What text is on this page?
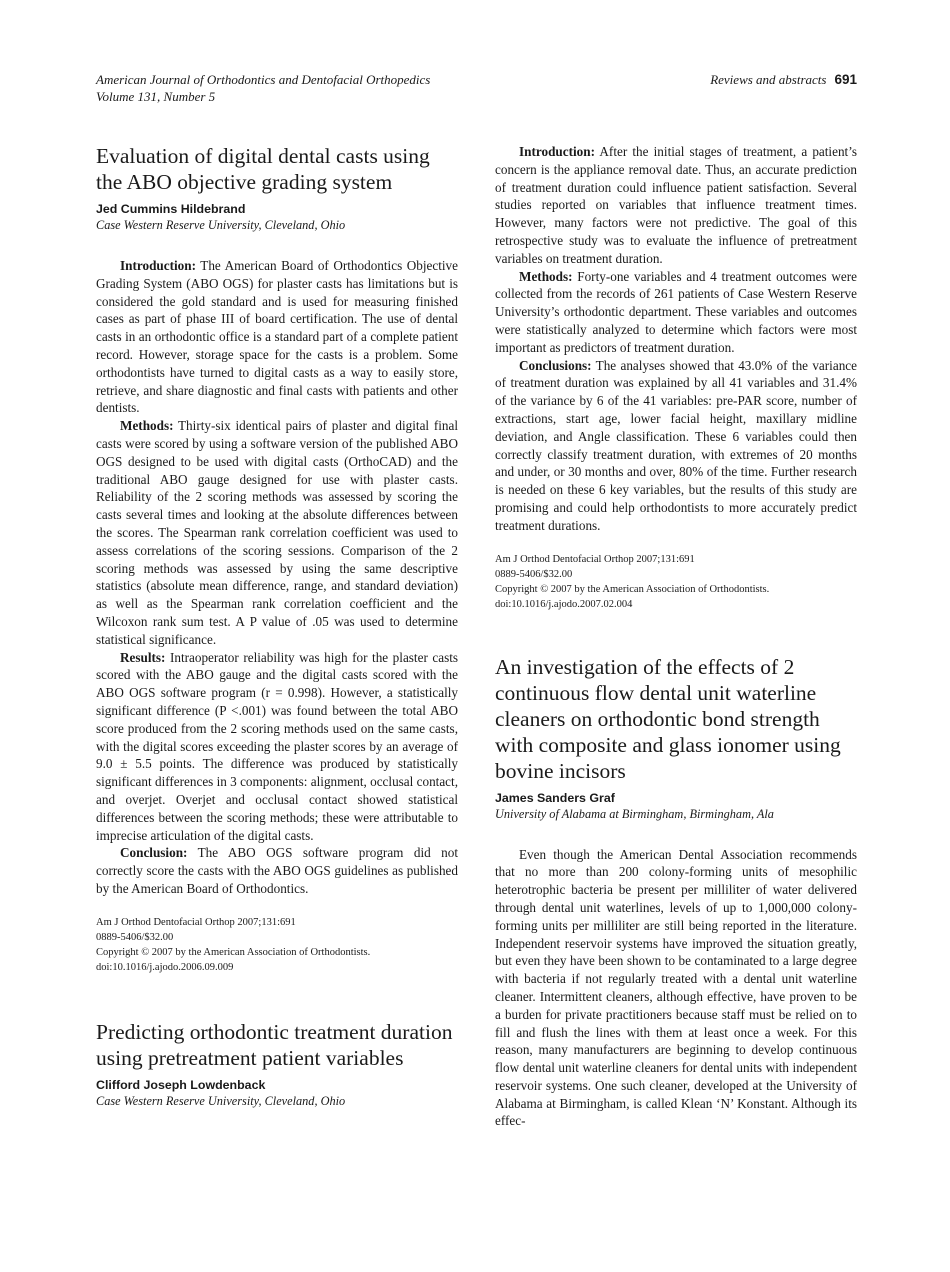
American Journal of Orthodontics and Dentofacial Orthopedics
Volume 131, Number 5
Reviews and abstracts 691
Evaluation of digital dental casts using the ABO objective grading system

Jed Cummins Hildebrand

Case Western Reserve University, Cleveland, Ohio

Introduction: The American Board of Orthodontics Objective Grading System (ABO OGS) for plaster casts has limitations but is considered the gold standard and is used for measuring finished cases as part of phase III of board certification. The use of dental casts in an orthodontic office is a standard part of a complete patient record. However, storage space for the casts is a problem. Some orthodontists have turned to digital casts as a way to easily store, retrieve, and share diagnostic and final casts with patients and other dentists.

Methods: Thirty-six identical pairs of plaster and digital final casts were scored by using a software version of the published ABO OGS designed to be used with digital casts (OrthoCAD) and the traditional ABO gauge designed for use with plaster casts. Reliability of the 2 scoring methods was assessed by scoring the casts several times and looking at the absolute differences between the scores. The Spearman rank correlation coefficient was used to assess correlations of the scoring sessions. Comparison of the 2 scoring methods was assessed by using the same descriptive statistics (absolute mean difference, range, and standard deviation) as well as the Spearman rank correlation coefficient and the Wilcoxon rank sum test. A P value of .05 was used to determine statistical significance.

Results: Intraoperator reliability was high for the plaster casts scored with the ABO gauge and the digital casts scored with the ABO OGS software program (r = 0.998). However, a statistically significant difference (P <.001) was found between the total ABO score produced from the 2 scoring methods used on the same casts, with the digital scores exceeding the plaster scores by an average of 9.0 ± 5.5 points. The difference was produced by statistically significant differences in 3 components: alignment, occlusal contact, and overjet. Overjet and occlusal contact showed statistical differences between the scoring methods; these were attributable to imprecise articulation of the digital casts.

Conclusion: The ABO OGS software program did not correctly score the casts with the ABO OGS guidelines as published by the American Board of Orthodontics.

Am J Orthod Dentofacial Orthop 2007;131:691

0889-5406/$32.00

Copyright © 2007 by the American Association of Orthodontists.

doi:10.1016/j.ajodo.2006.09.009

Predicting orthodontic treatment duration using pretreatment patient variables

Clifford Joseph Lowdenback

Case Western Reserve University, Cleveland, Ohio

Introduction: After the initial stages of treatment, a patient’s concern is the appliance removal date. Thus, an accurate prediction of treatment duration could influence patient satisfaction. Several studies reported on variables that influence treatment times. However, many factors were not predictive. The goal of this retrospective study was to evaluate the influence of pretreatment variables on treatment duration.

Methods: Forty-one variables and 4 treatment outcomes were collected from the records of 261 patients of Case Western Reserve University’s orthodontic department. These variables and outcomes were statistically analyzed to determine which factors were most important as predictors of treatment duration.

Conclusions: The analyses showed that 43.0% of the variance of treatment duration was explained by all 41 variables and 31.4% of the variance by 6 of the 41 variables: pre-PAR score, number of extractions, start age, lower facial height, maxillary midline deviation, and Angle classification. These 6 variables could then correctly classify treatment duration, with extremes of 20 months and under, or 30 months and over, 80% of the time. Further research is needed on these 6 key variables, but the results of this study are promising and could help orthodontists to more accurately predict treatment durations.

Am J Orthod Dentofacial Orthop 2007;131:691

0889-5406/$32.00

Copyright © 2007 by the American Association of Orthodontists.

doi:10.1016/j.ajodo.2007.02.004

An investigation of the effects of 2 continuous flow dental unit waterline cleaners on orthodontic bond strength with composite and glass ionomer using bovine incisors

James Sanders Graf

University of Alabama at Birmingham, Birmingham, Ala

Even though the American Dental Association recommends that no more than 200 colony-forming units of mesophilic heterotrophic bacteria be present per milliliter of water delivered through dental unit waterlines, levels of up to 1,000,000 colony-forming units per milliliter are still being reported in the literature. Independent reservoir systems have improved the situation greatly, but even they have been shown to be contaminated to a large degree with bacteria if not regularly treated with a dental unit waterline cleaner. Intermittent cleaners, although effective, have proven to be a burden for private practitioners because staff must be relied on to fill and flush the lines with them at least once a week. For this reason, many manufacturers are beginning to develop continuous flow dental unit waterline cleaners for dental units with independent reservoir systems. One such cleaner, developed at the University of Alabama at Birmingham, is called Klean ‘N’ Konstant. Although its effec-
